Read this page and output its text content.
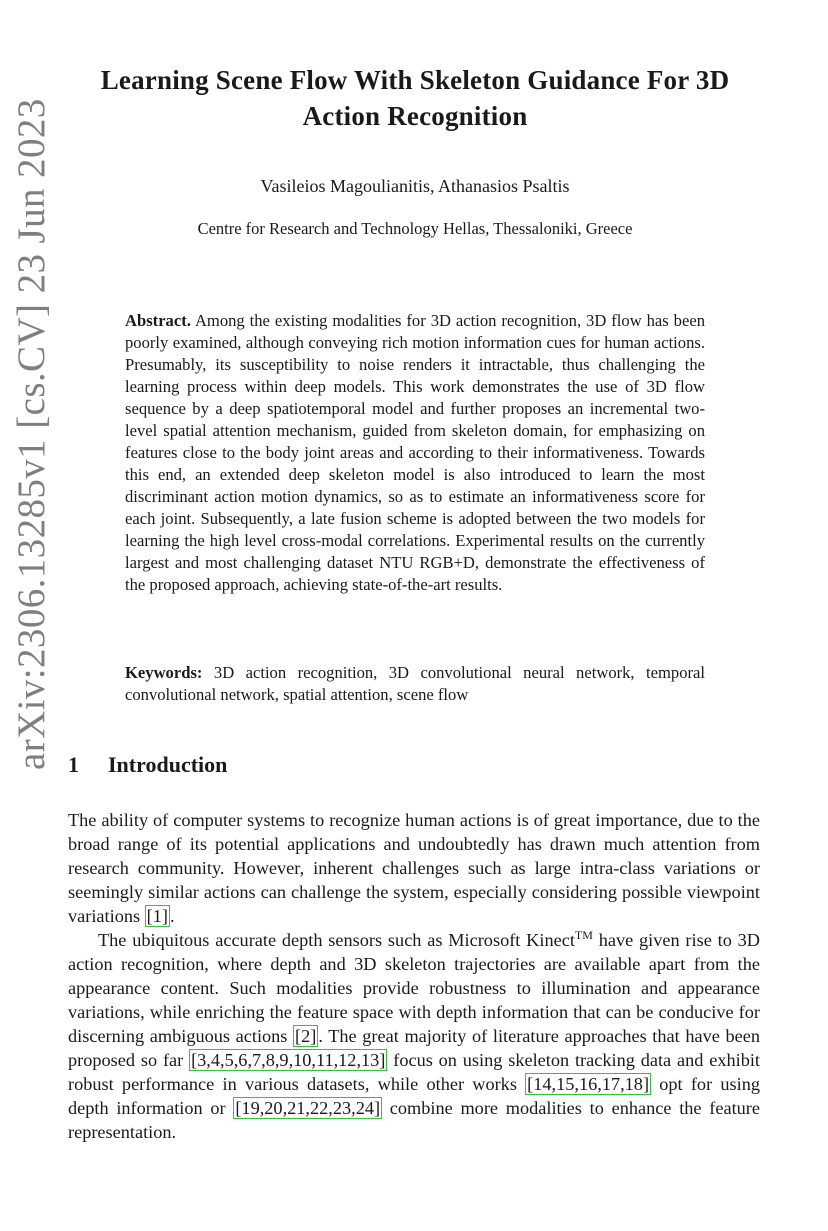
arXiv:2306.13285v1 [cs.CV] 23 Jun 2023
Learning Scene Flow With Skeleton Guidance For 3D Action Recognition
Vasileios Magoulianitis, Athanasios Psaltis
Centre for Research and Technology Hellas, Thessaloniki, Greece
Abstract. Among the existing modalities for 3D action recognition, 3D flow has been poorly examined, although conveying rich motion information cues for human actions. Presumably, its susceptibility to noise renders it intractable, thus challenging the learning process within deep models. This work demonstrates the use of 3D flow sequence by a deep spatiotemporal model and further proposes an incremental two-level spatial attention mechanism, guided from skeleton domain, for emphasizing on features close to the body joint areas and according to their informativeness. Towards this end, an extended deep skeleton model is also introduced to learn the most discriminant action motion dynamics, so as to estimate an informativeness score for each joint. Subsequently, a late fusion scheme is adopted between the two models for learning the high level cross-modal correlations. Experimental results on the currently largest and most challenging dataset NTU RGB+D, demonstrate the effectiveness of the proposed approach, achieving state-of-the-art results.
Keywords: 3D action recognition, 3D convolutional neural network, temporal convolutional network, spatial attention, scene flow
1 Introduction

The ability of computer systems to recognize human actions is of great importance, due to the broad range of its potential applications and undoubtedly has drawn much attention from research community. However, inherent challenges such as large intra-class variations or seemingly similar actions can challenge the system, especially considering possible viewpoint variations [1] .

The ubiquitous accurate depth sensors such as Microsoft Kinect™ have given rise to 3D action recognition, where depth and 3D skeleton trajectories are available apart from the appearance content. Such modalities provide robustness to illumination and appearance variations, while enriching the feature space with depth information that can be conducive for discerning ambiguous actions [2] . The great majority of literature approaches that have been proposed so far [3,4,5,6,7,8,9,10,11,12,13] focus on using skeleton tracking data and exhibit robust performance in various datasets, while other works [14,15,16,17,18] opt for using depth information or [19,20,21,22,23,24] combine more modalities to enhance the feature representation.
